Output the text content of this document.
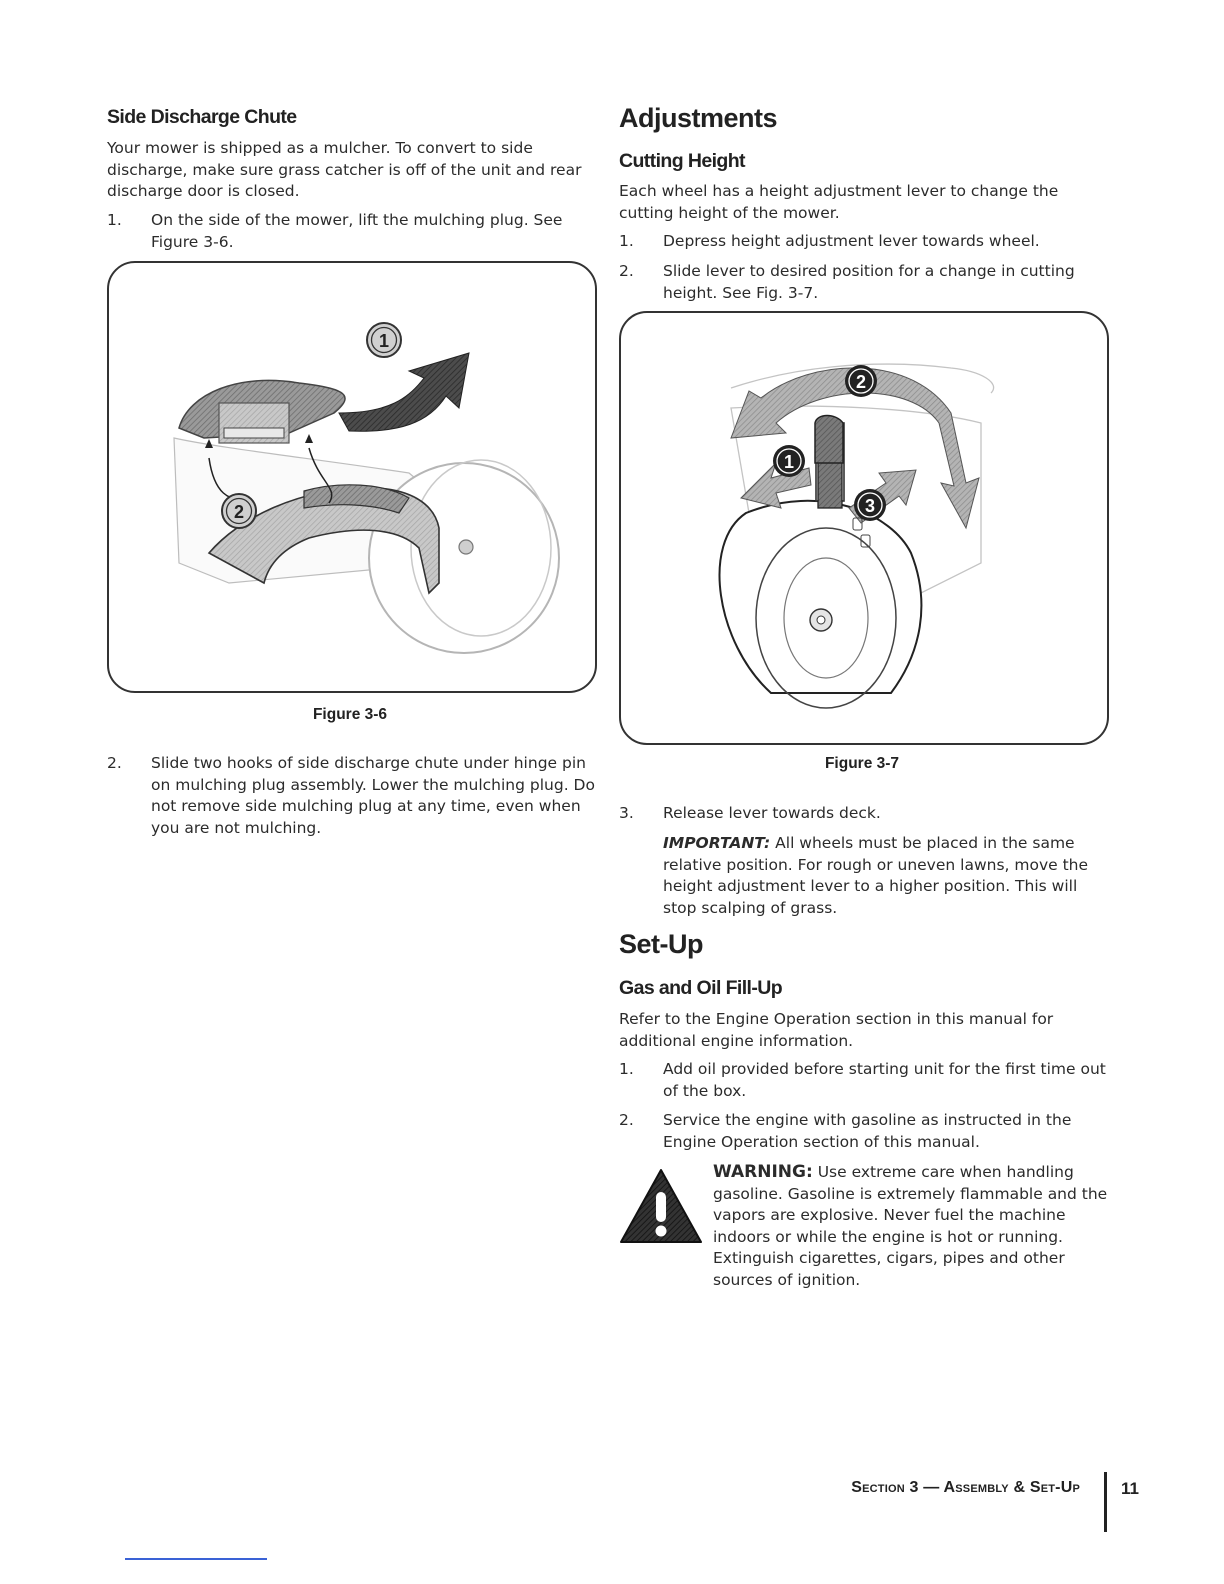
Side Discharge Chute

Your mower is shipped as a mulcher. To convert to side discharge, make sure grass catcher is off of the unit and rear discharge door is closed.

1. On the side of the mower, lift the mulching plug. See Figure 3-6.
1
2
Figure 3-6
2. Slide two hooks of side discharge chute under hinge pin on mulching plug assembly. Lower the mulching plug. Do not remove side mulching plug at any time, even when you are not mulching.
Adjustments
Cutting Height

Each wheel has a height adjustment lever to change the cutting height of the mower.

1. Depress height adjustment lever towards wheel.
2. Slide lever to desired position for a change in cutting height. See Fig. 3-7.
2
1
3
Figure 3-7
3. Release lever towards deck.

IMPORTANT: All wheels must be placed in the same relative position. For rough or uneven lawns, move the height adjustment lever to a higher position. This will stop scalping of grass.

Set-Up
Gas and Oil Fill-Up

Refer to the Engine Operation section in this manual for additional engine information.

1. Add oil provided before starting unit for the first time out of the box.
2. Service the engine with gasoline as instructed in the Engine Operation section of this manual.

WARNING: Use extreme care when handling gasoline. Gasoline is extremely flammable and the vapors are explosive. Never fuel the machine indoors or while the engine is hot or running. Extinguish cigarettes, cigars, pipes and other sources of ignition.

Section 3 — Assembly & Set-Up 11
